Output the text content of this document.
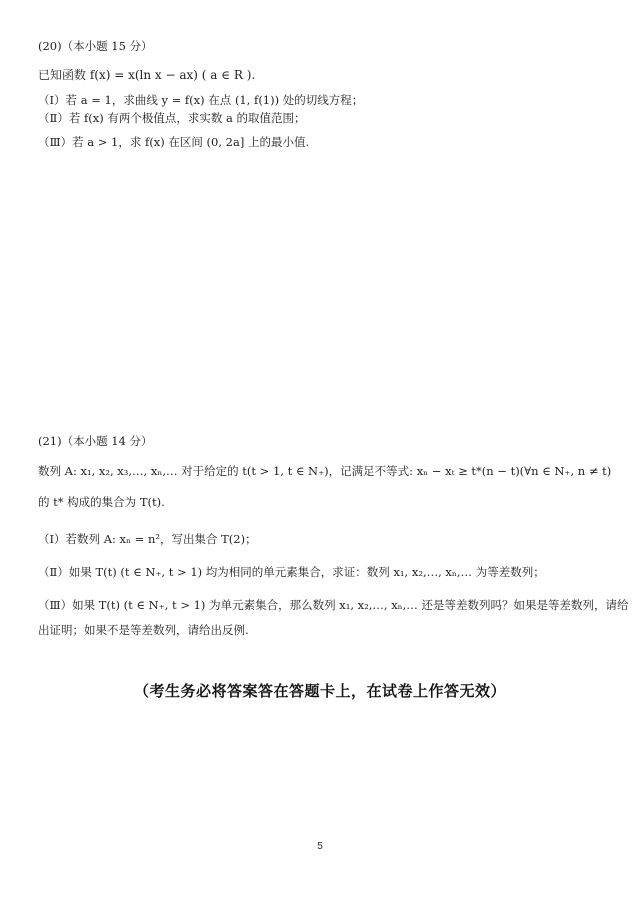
(20)（本小题 15 分）
已知函数 f(x) = x(ln x − ax) ( a ∈ R ).
（Ⅰ）若 a = 1，求曲线 y = f(x) 在点 (1, f(1)) 处的切线方程；
（Ⅱ）若 f(x) 有两个极值点，求实数 a 的取值范围；
（Ⅲ）若 a > 1，求 f(x) 在区间 (0, 2a] 上的最小值.
(21)（本小题 14 分）
数列 A: x₁, x₂, x₃,…, xₙ,… 对于给定的 t(t > 1, t ∈ N₊)，记满足不等式: xₙ − xₜ ≥ t*(n − t)(∀n ∈ N₊, n ≠ t)
的 t* 构成的集合为 T(t).
（Ⅰ）若数列 A: xₙ = n²，写出集合 T(2)；
（Ⅱ）如果 T(t) (t ∈ N₊, t > 1) 均为相同的单元素集合，求证：数列 x₁, x₂,…, xₙ,… 为等差数列；
（Ⅲ）如果 T(t) (t ∈ N₊, t > 1) 为单元素集合，那么数列 x₁, x₂,…, xₙ,… 还是等差数列吗？如果是等差数列，请给
出证明；如果不是等差数列，请给出反例.
（考生务必将答案答在答题卡上，在试卷上作答无效）
5
